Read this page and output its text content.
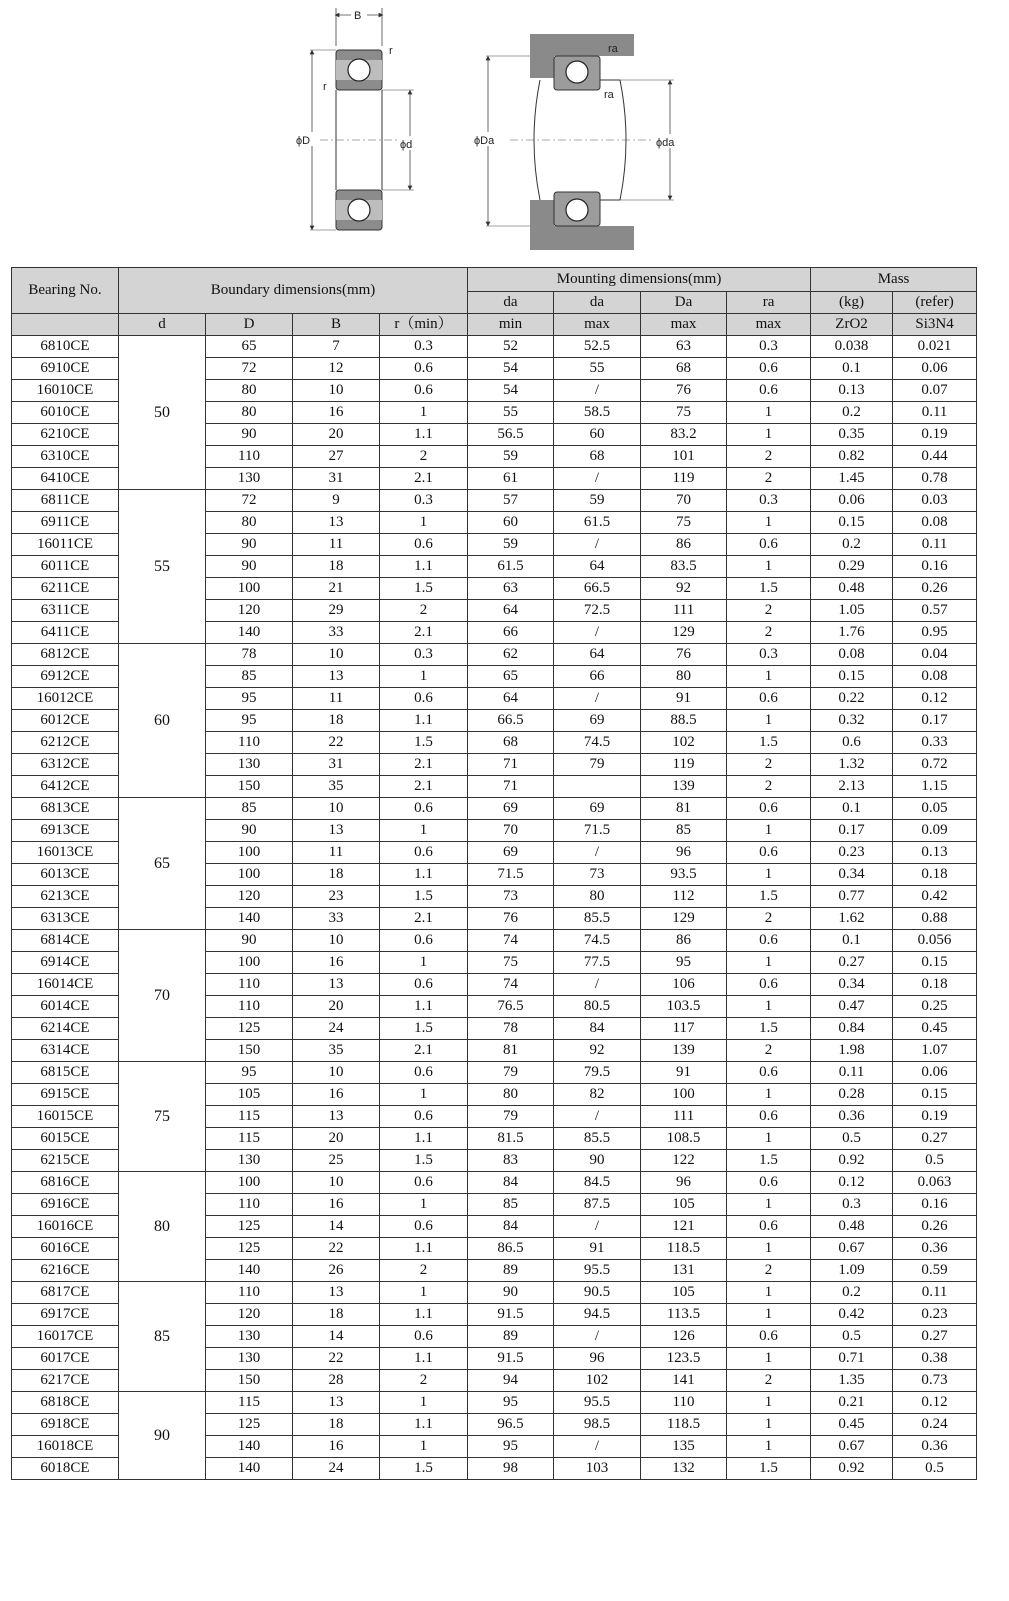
B
r
r
ϕD	ϕd
ra
ra
ϕDa	ϕda
Bearing No.	Boundary dimensions(mm)				Mounting dimensions(mm)				Mass	
					da	da	Da	ra	(kg)	(refer)
	d	D	B	r（min）	min	max	max	max	ZrO2	Si3N4
6810CE	50	65	7	0.3	52	52.5	63	0.3	0.038	0.021
6910CE		72	12	0.6	54	55	68	0.6	0.1	0.06
16010CE		80	10	0.6	54	/	76	0.6	0.13	0.07
6010CE		80	16	1	55	58.5	75	1	0.2	0.11
6210CE		90	20	1.1	56.5	60	83.2	1	0.35	0.19
6310CE		110	27	2	59	68	101	2	0.82	0.44
6410CE		130	31	2.1	61	/	119	2	1.45	0.78
6811CE	55	72	9	0.3	57	59	70	0.3	0.06	0.03
6911CE		80	13	1	60	61.5	75	1	0.15	0.08
16011CE		90	11	0.6	59	/	86	0.6	0.2	0.11
6011CE		90	18	1.1	61.5	64	83.5	1	0.29	0.16
6211CE		100	21	1.5	63	66.5	92	1.5	0.48	0.26
6311CE		120	29	2	64	72.5	111	2	1.05	0.57
6411CE		140	33	2.1	66	/	129	2	1.76	0.95
6812CE	60	78	10	0.3	62	64	76	0.3	0.08	0.04
6912CE		85	13	1	65	66	80	1	0.15	0.08
16012CE		95	11	0.6	64	/	91	0.6	0.22	0.12
6012CE		95	18	1.1	66.5	69	88.5	1	0.32	0.17
6212CE		110	22	1.5	68	74.5	102	1.5	0.6	0.33
6312CE		130	31	2.1	71	79	119	2	1.32	0.72
6412CE		150	35	2.1	71		139	2	2.13	1.15
6813CE	65	85	10	0.6	69	69	81	0.6	0.1	0.05
6913CE		90	13	1	70	71.5	85	1	0.17	0.09
16013CE		100	11	0.6	69	/	96	0.6	0.23	0.13
6013CE		100	18	1.1	71.5	73	93.5	1	0.34	0.18
6213CE		120	23	1.5	73	80	112	1.5	0.77	0.42
6313CE		140	33	2.1	76	85.5	129	2	1.62	0.88
6814CE	70	90	10	0.6	74	74.5	86	0.6	0.1	0.056
6914CE		100	16	1	75	77.5	95	1	0.27	0.15
16014CE		110	13	0.6	74	/	106	0.6	0.34	0.18
6014CE		110	20	1.1	76.5	80.5	103.5	1	0.47	0.25
6214CE		125	24	1.5	78	84	117	1.5	0.84	0.45
6314CE		150	35	2.1	81	92	139	2	1.98	1.07
6815CE	75	95	10	0.6	79	79.5	91	0.6	0.11	0.06
6915CE		105	16	1	80	82	100	1	0.28	0.15
16015CE		115	13	0.6	79	/	111	0.6	0.36	0.19
6015CE		115	20	1.1	81.5	85.5	108.5	1	0.5	0.27
6215CE		130	25	1.5	83	90	122	1.5	0.92	0.5
6816CE	80	100	10	0.6	84	84.5	96	0.6	0.12	0.063
6916CE		110	16	1	85	87.5	105	1	0.3	0.16
16016CE		125	14	0.6	84	/	121	0.6	0.48	0.26
6016CE		125	22	1.1	86.5	91	118.5	1	0.67	0.36
6216CE		140	26	2	89	95.5	131	2	1.09	0.59
6817CE	85	110	13	1	90	90.5	105	1	0.2	0.11
6917CE		120	18	1.1	91.5	94.5	113.5	1	0.42	0.23
16017CE		130	14	0.6	89	/	126	0.6	0.5	0.27
6017CE		130	22	1.1	91.5	96	123.5	1	0.71	0.38
6217CE		150	28	2	94	102	141	2	1.35	0.73
6818CE	90	115	13	1	95	95.5	110	1	0.21	0.12
6918CE		125	18	1.1	96.5	98.5	118.5	1	0.45	0.24
16018CE		140	16	1	95	/	135	1	0.67	0.36
6018CE		140	24	1.5	98	103	132	1.5	0.92	0.5
